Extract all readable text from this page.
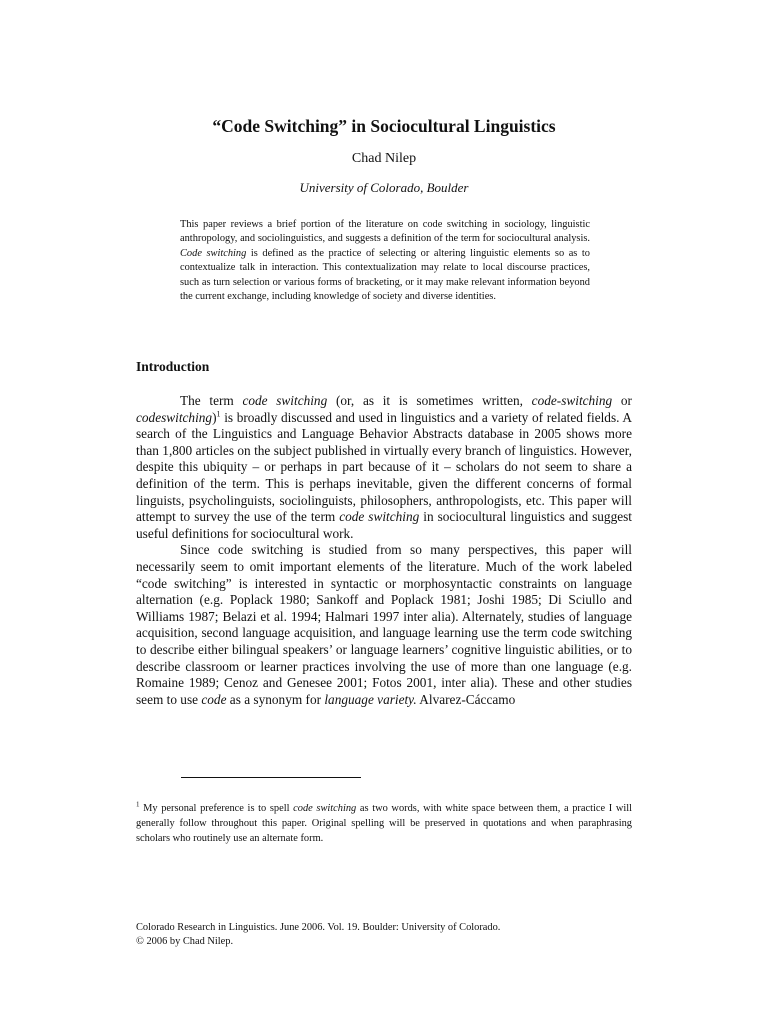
“Code Switching” in Sociocultural Linguistics
Chad Nilep
University of Colorado, Boulder

This paper reviews a brief portion of the literature on code switching in sociology, linguistic anthropology, and sociolinguistics, and suggests a definition of the term for sociocultural analysis. Code switching is defined as the practice of selecting or altering linguistic elements so as to contextualize talk in interaction. This contextualization may relate to local discourse practices, such as turn selection or various forms of bracketing, or it may make relevant information beyond the current exchange, including knowledge of society and diverse identities.

Introduction

The term code switching (or, as it is sometimes written, code-switching or codeswitching)$^1$ is broadly discussed and used in linguistics and a variety of related fields. A search of the Linguistics and Language Behavior Abstracts database in 2005 shows more than 1,800 articles on the subject published in virtually every branch of linguistics. However, despite this ubiquity – or perhaps in part because of it – scholars do not seem to share a definition of the term. This is perhaps inevitable, given the different concerns of formal linguists, psycholinguists, sociolinguists, philosophers, anthropologists, etc. This paper will attempt to survey the use of the term code switching in sociocultural linguistics and suggest useful definitions for sociocultural work.

Since code switching is studied from so many perspectives, this paper will necessarily seem to omit important elements of the literature. Much of the work labeled “code switching” is interested in syntactic or morphosyntactic constraints on language alternation (e.g. Poplack 1980; Sankoff and Poplack 1981; Joshi 1985; Di Sciullo and Williams 1987; Belazi et al. 1994; Halmari 1997 inter alia). Alternately, studies of language acquisition, second language acquisition, and language learning use the term code switching to describe either bilingual speakers’ or language learners’ cognitive linguistic abilities, or to describe classroom or learner practices involving the use of more than one language (e.g. Romaine 1989; Cenoz and Genesee 2001; Fotos 2001, inter alia). These and other studies seem to use code as a synonym for language variety. Alvarez-Cáccamo

$^1$ My personal preference is to spell code switching as two words, with white space between them, a practice I will generally follow throughout this paper. Original spelling will be preserved in quotations and when paraphrasing scholars who routinely use an alternate form.

Colorado Research in Linguistics. June 2006. Vol. 19. Boulder: University of Colorado.
© 2006 by Chad Nilep.
